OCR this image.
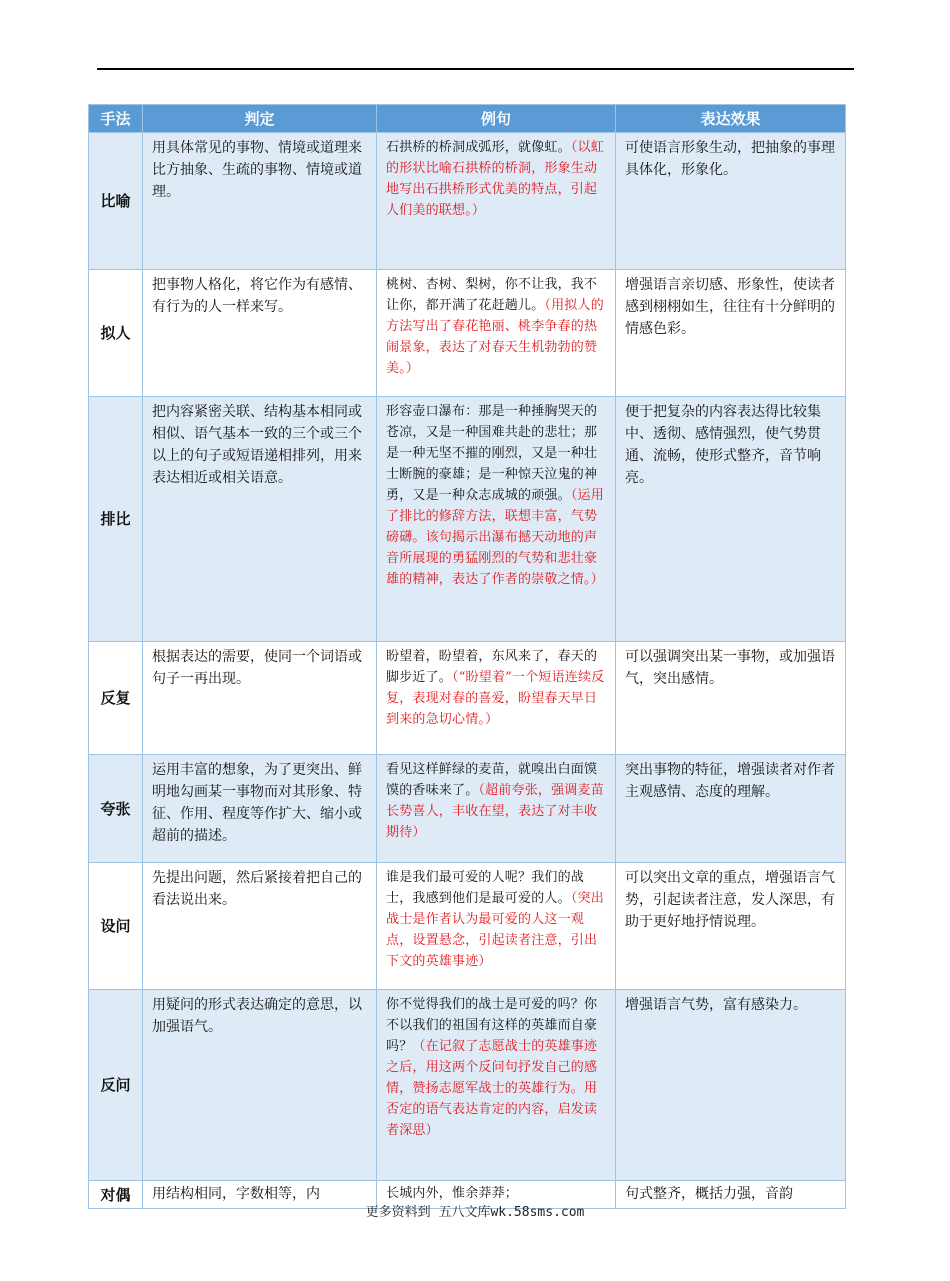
手法	判定	例句	表达效果
比喻	用具体常见的事物、情境或道理来比方抽象、生疏的事物、情境或道理。	石拱桥的桥洞成弧形，就像虹。（以虹的形状比喻石拱桥的桥洞，形象生动地写出石拱桥形式优美的特点，引起人们美的联想。）	可使语言形象生动，把抽象的事理具体化，形象化。
拟人	把事物人格化，将它作为有感情、有行为的人一样来写。	桃树、杏树、梨树，你不让我，我不让你，都开满了花赶趟儿。（用拟人的方法写出了春花艳丽、桃李争春的热闹景象，表达了对春天生机勃勃的赞美。）	增强语言亲切感、形象性，使读者感到栩栩如生，往往有十分鲜明的情感色彩。
排比	把内容紧密关联、结构基本相同或相似、语气基本一致的三个或三个以上的句子或短语递相排列，用来表达相近或相关语意。	形容壶口瀑布：那是一种捶胸哭天的苍凉，又是一种国难共赴的悲壮；那是一种无坚不摧的刚烈，又是一种壮士断腕的豪雄；是一种惊天泣鬼的神勇，又是一种众志成城的顽强。（运用了排比的修辞方法，联想丰富，气势磅礴。该句揭示出瀑布撼天动地的声音所展现的勇猛刚烈的气势和悲壮豪雄的精神，表达了作者的崇敬之情。）	便于把复杂的内容表达得比较集中、透彻、感情强烈，使气势贯通、流畅，使形式整齐，音节响亮。
反复	根据表达的需要，使同一个词语或句子一再出现。	盼望着，盼望着，东风来了，春天的脚步近了。（“盼望着”一个短语连续反复，表现对春的喜爱，盼望春天早日到来的急切心情。）	可以强调突出某一事物，或加强语气，突出感情。
夸张	运用丰富的想象，为了更突出、鲜明地勾画某一事物而对其形象、特征、作用、程度等作扩大、缩小或超前的描述。	看见这样鲜绿的麦苗，就嗅出白面馍馍的香味来了。（超前夸张，强调麦苗长势喜人，丰收在望，表达了对丰收期待）	突出事物的特征，增强读者对作者主观感情、态度的理解。
设问	先提出问题，然后紧接着把自己的看法说出来。	谁是我们最可爱的人呢？我们的战士，我感到他们是最可爱的人。（突出战士是作者认为最可爱的人这一观点，设置悬念，引起读者注意，引出下文的英雄事迹）	可以突出文章的重点，增强语言气势，引起读者注意，发人深思，有助于更好地抒情说理。
反问	用疑问的形式表达确定的意思，以加强语气。	你不觉得我们的战士是可爱的吗？你不以我们的祖国有这样的英雄而自豪吗？（在记叙了志愿战士的英雄事迹之后，用这两个反问句抒发自己的感情，赞扬志愿军战士的英雄行为。用否定的语气表达肯定的内容，启发读者深思）	增强语言气势，富有感染力。
对偶	用结构相同，字数相等，内	长城内外，惟余莽莽；	句式整齐，概括力强，音韵
更多资料到 五八文库wk.58sms.com
